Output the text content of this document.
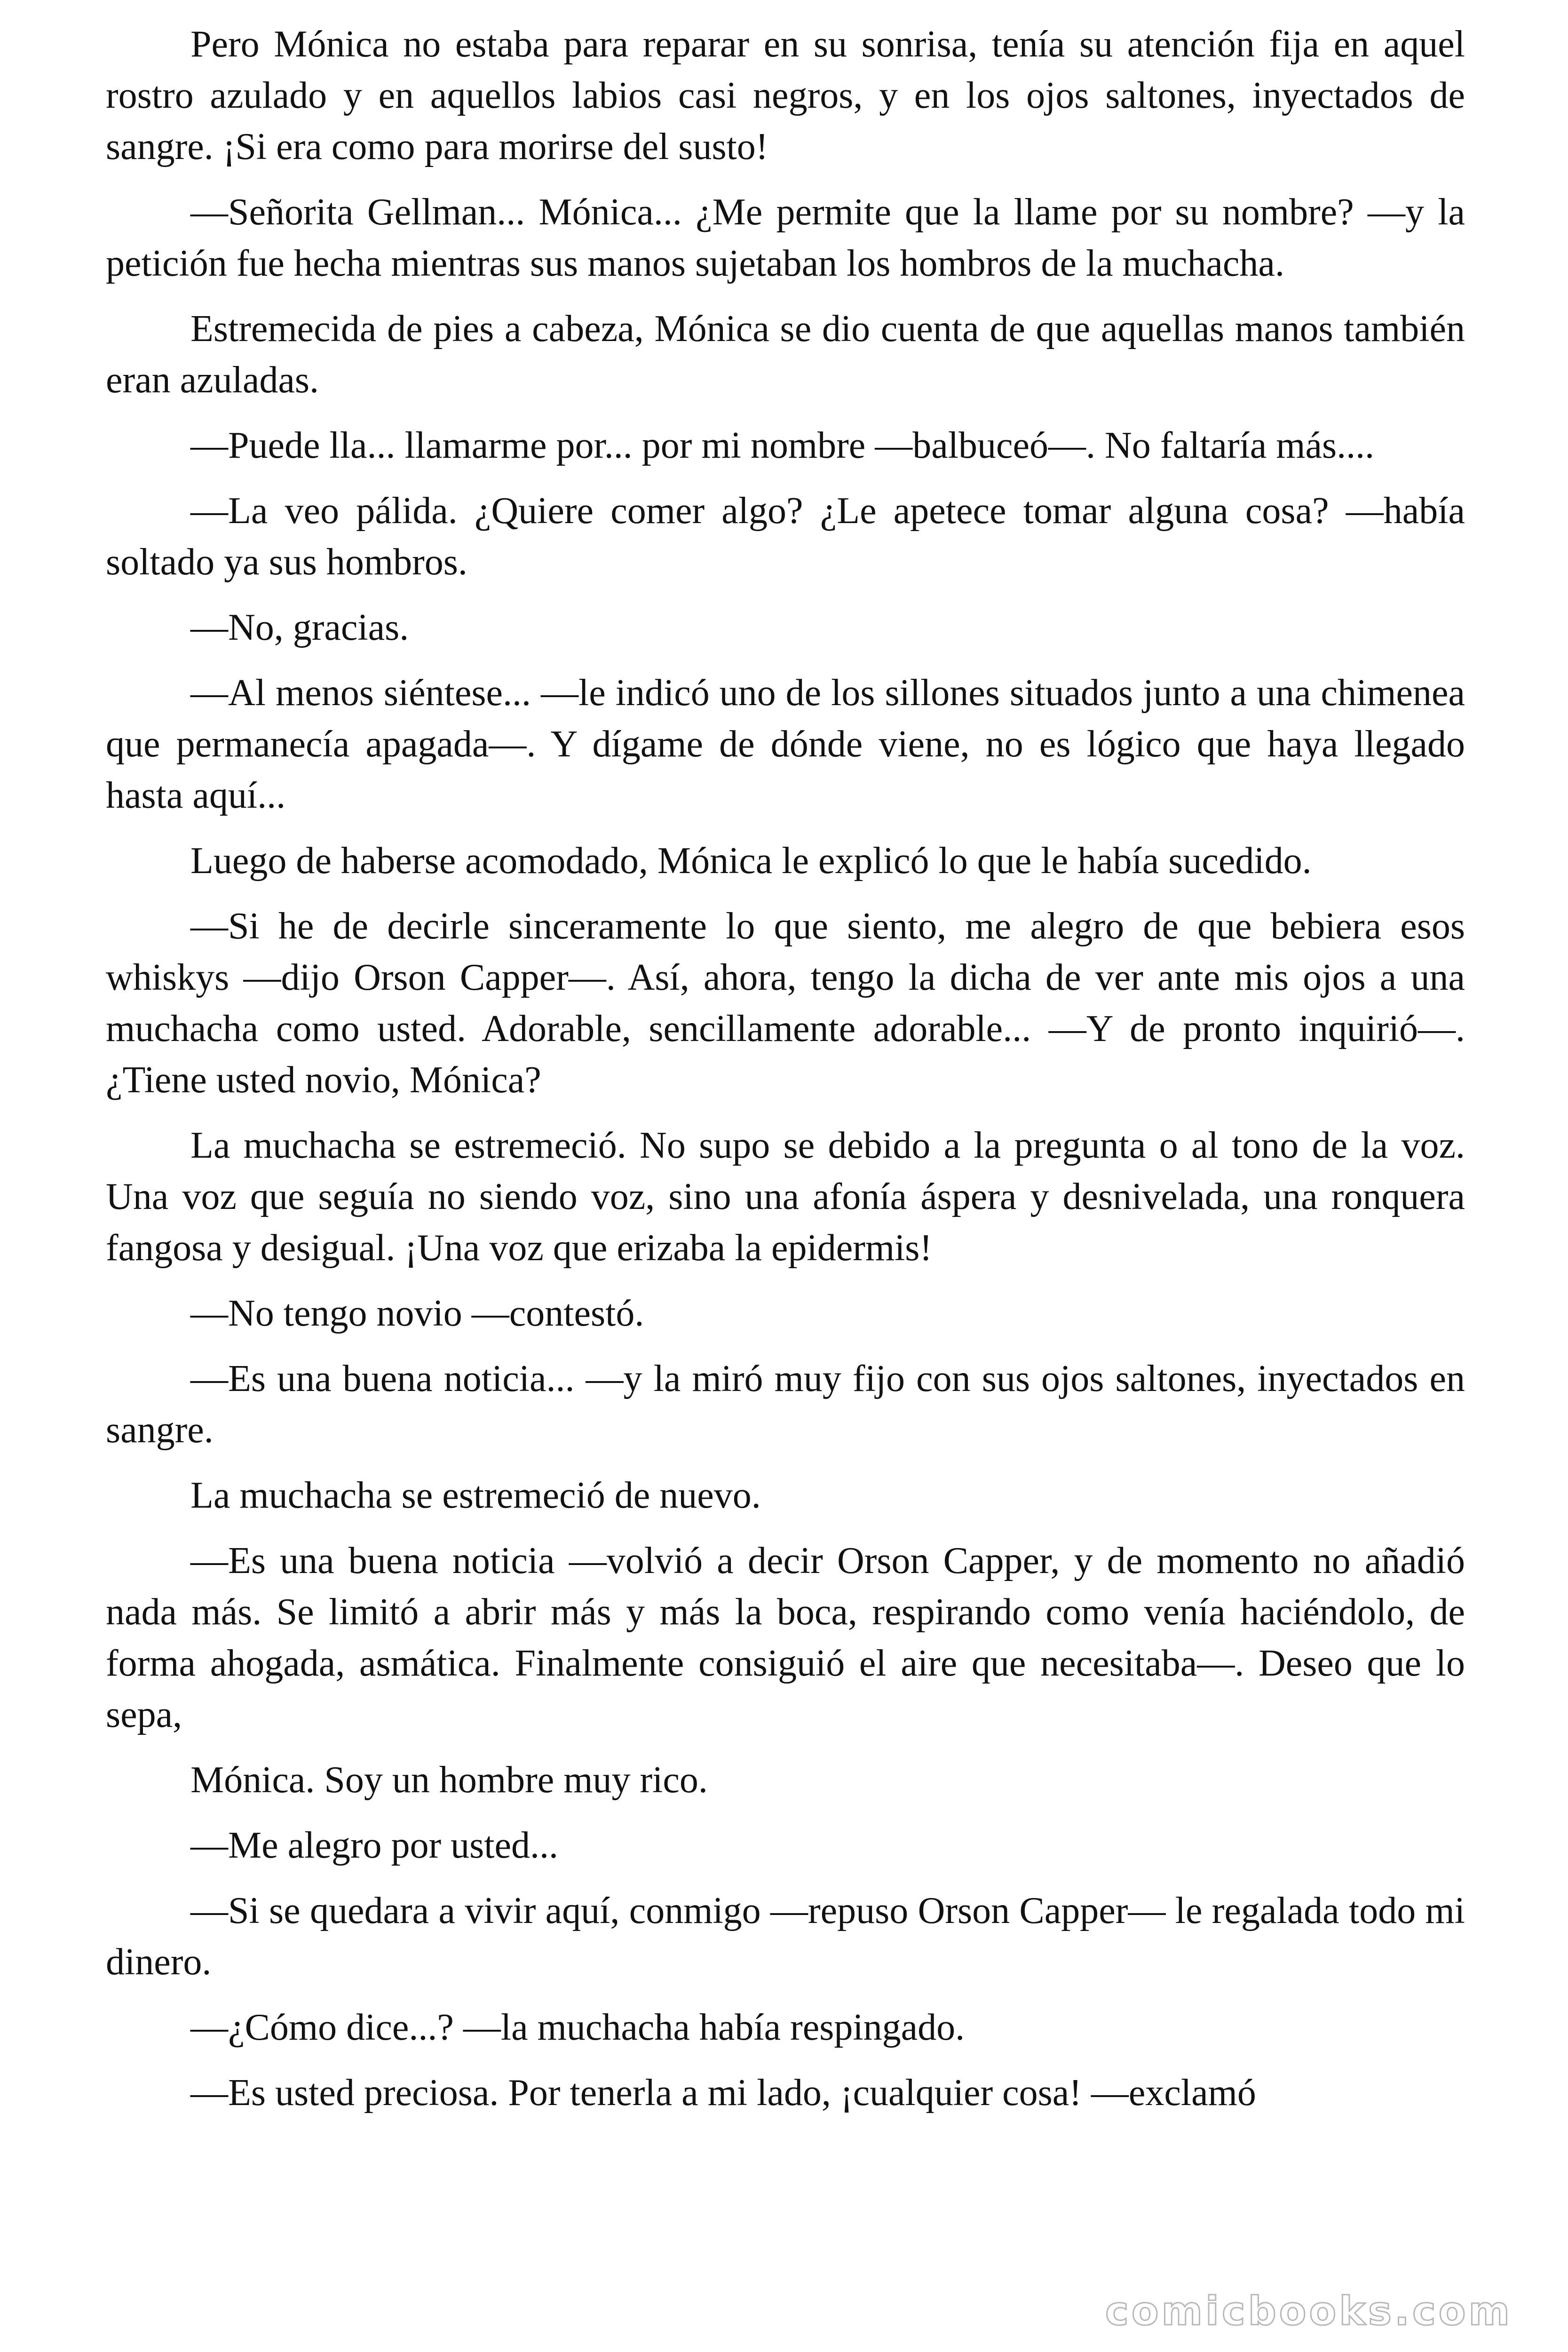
Pero Mónica no estaba para reparar en su sonrisa, tenía su atención fija en aquel rostro azulado y en aquellos labios casi negros, y en los ojos saltones, inyectados de sangre. ¡Si era como para morirse del susto!

—Señorita Gellman... Mónica... ¿Me permite que la llame por su nombre? —y la petición fue hecha mientras sus manos sujetaban los hombros de la muchacha.

Estremecida de pies a cabeza, Mónica se dio cuenta de que aquellas manos también eran azuladas.

—Puede lla... llamarme por... por mi nombre —balbuceó—. No faltaría más....

—La veo pálida. ¿Quiere comer algo? ¿Le apetece tomar alguna cosa? —había soltado ya sus hombros.

—No, gracias.

—Al menos siéntese... —le indicó uno de los sillones situados junto a una chimenea que permanecía apagada—. Y dígame de dónde viene, no es lógico que haya llegado hasta aquí...

Luego de haberse acomodado, Mónica le explicó lo que le había sucedido.

—Si he de decirle sinceramente lo que siento, me alegro de que bebiera esos whiskys —dijo Orson Capper—. Así, ahora, tengo la dicha de ver ante mis ojos a una muchacha como usted. Adorable, sencillamente adorable... —Y de pronto inquirió—. ¿Tiene usted novio, Mónica?

La muchacha se estremeció. No supo se debido a la pregunta o al tono de la voz. Una voz que seguía no siendo voz, sino una afonía áspera y desnivelada, una ronquera fangosa y desigual. ¡Una voz que erizaba la epidermis!

—No tengo novio —contestó.

—Es una buena noticia... —y la miró muy fijo con sus ojos saltones, inyectados en sangre.

La muchacha se estremeció de nuevo.

—Es una buena noticia —volvió a decir Orson Capper, y de momento no añadió nada más. Se limitó a abrir más y más la boca, respirando como venía haciéndolo, de forma ahogada, asmática. Finalmente consiguió el aire que necesitaba—. Deseo que lo sepa,

Mónica. Soy un hombre muy rico.

—Me alegro por usted...

—Si se quedara a vivir aquí, conmigo —repuso Orson Capper— le regalada todo mi dinero.

—¿Cómo dice...? —la muchacha había respingado.

—Es usted preciosa. Por tenerla a mi lado, ¡cualquier cosa! —exclamó

comicbooks.com
